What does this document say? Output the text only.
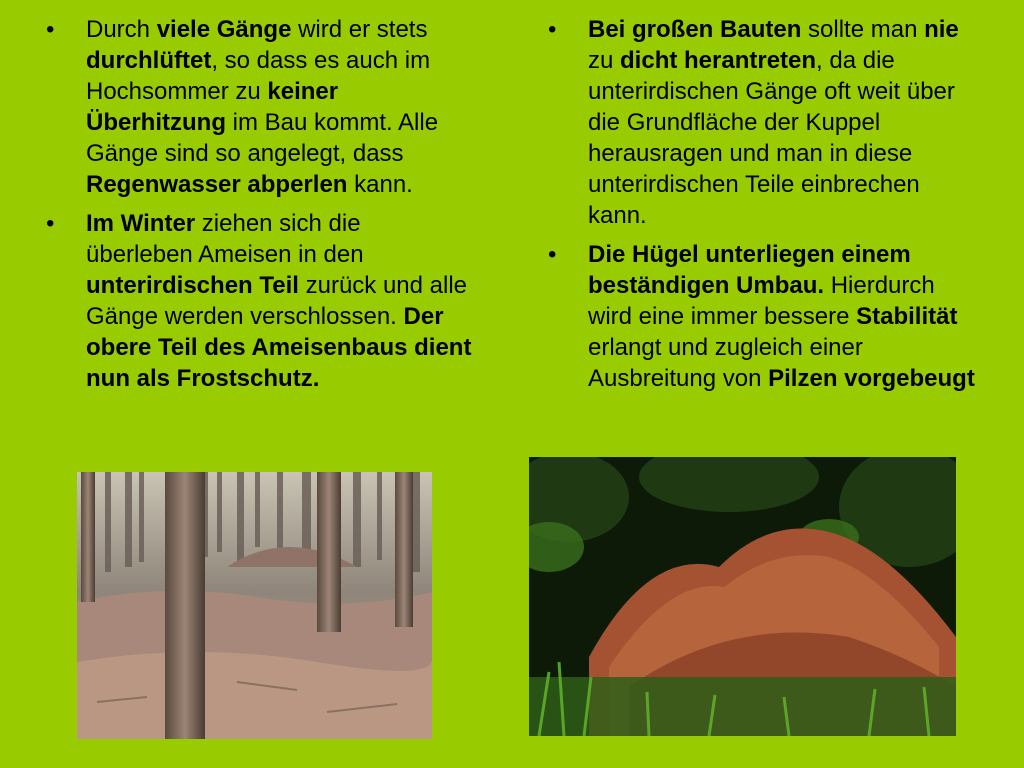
• Durch viele Gänge wird er stets durchlüftet, so dass es auch im Hochsommer zu keiner Überhitzung im Bau kommt. Alle Gänge sind so angelegt, dass Regenwasser abperlen kann.
• Im Winter ziehen sich die überleben Ameisen in den unterirdischen Teil zurück und alle Gänge werden verschlossen. Der obere Teil des Ameisenbaus dient nun als Frostschutz.
• Bei großen Bauten sollte man nie zu dicht herantreten, da die unterirdischen Gänge oft weit über die Grundfläche der Kuppel herausragen und man in diese unterirdischen Teile einbrechen kann.
• Die Hügel unterliegen einem beständigen Umbau. Hierdurch wird eine immer bessere Stabilität erlangt und zugleich einer Ausbreitung von Pilzen vorgebeugt
